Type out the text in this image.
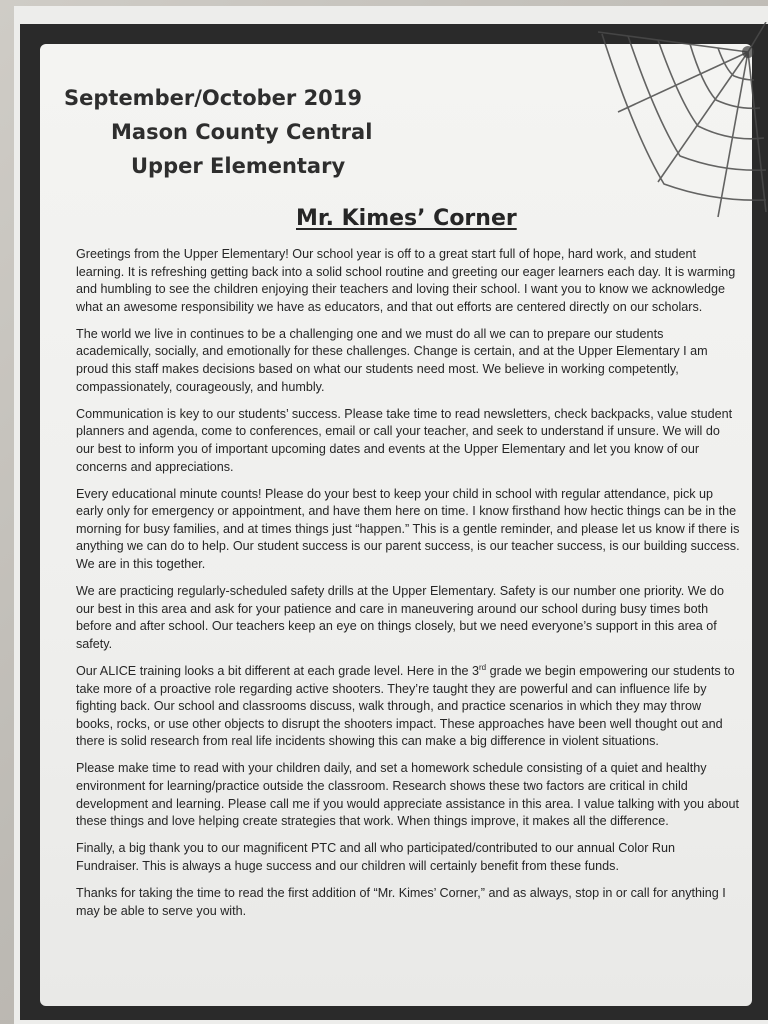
September/October 2019
Mason County Central
Upper Elementary
Mr. Kimes’ Corner

Greetings from the Upper Elementary! Our school year is off to a great start full of hope, hard work, and student learning. It is refreshing getting back into a solid school routine and greeting our eager learners each day. It is warming and humbling to see the children enjoying their teachers and loving their school. I want you to know we acknowledge what an awesome responsibility we have as educators, and that out efforts are centered directly on our scholars.

The world we live in continues to be a challenging one and we must do all we can to prepare our students academically, socially, and emotionally for these challenges. Change is certain, and at the Upper Elementary I am proud this staff makes decisions based on what our students need most. We believe in working competently, compassionately, courageously, and humbly.

Communication is key to our students’ success. Please take time to read newsletters, check backpacks, value student planners and agenda, come to conferences, email or call your teacher, and seek to understand if unsure. We will do our best to inform you of important upcoming dates and events at the Upper Elementary and let you know of our concerns and appreciations.

Every educational minute counts! Please do your best to keep your child in school with regular attendance, pick up early only for emergency or appointment, and have them here on time. I know firsthand how hectic things can be in the morning for busy families, and at times things just “happen.” This is a gentle reminder, and please let us know if there is anything we can do to help. Our student success is our parent success, is our teacher success, is our building success. We are in this together.

We are practicing regularly-scheduled safety drills at the Upper Elementary. Safety is our number one priority. We do our best in this area and ask for your patience and care in maneuvering around our school during busy times both before and after school. Our teachers keep an eye on things closely, but we need everyone’s support in this area of safety.

Our ALICE training looks a bit different at each grade level. Here in the 3rd grade we begin empowering our students to take more of a proactive role regarding active shooters. They’re taught they are powerful and can influence life by fighting back. Our school and classrooms discuss, walk through, and practice scenarios in which they may throw books, rocks, or use other objects to disrupt the shooters impact. These approaches have been well thought out and there is solid research from real life incidents showing this can make a big difference in violent situations.

Please make time to read with your children daily, and set a homework schedule consisting of a quiet and healthy environment for learning/practice outside the classroom. Research shows these two factors are critical in child development and learning. Please call me if you would appreciate assistance in this area. I value talking with you about these things and love helping create strategies that work. When things improve, it makes all the difference.

Finally, a big thank you to our magnificent PTC and all who participated/contributed to our annual Color Run Fundraiser. This is always a huge success and our children will certainly benefit from these funds.

Thanks for taking the time to read the first addition of “Mr. Kimes’ Corner,” and as always, stop in or call for anything I may be able to serve you with.
